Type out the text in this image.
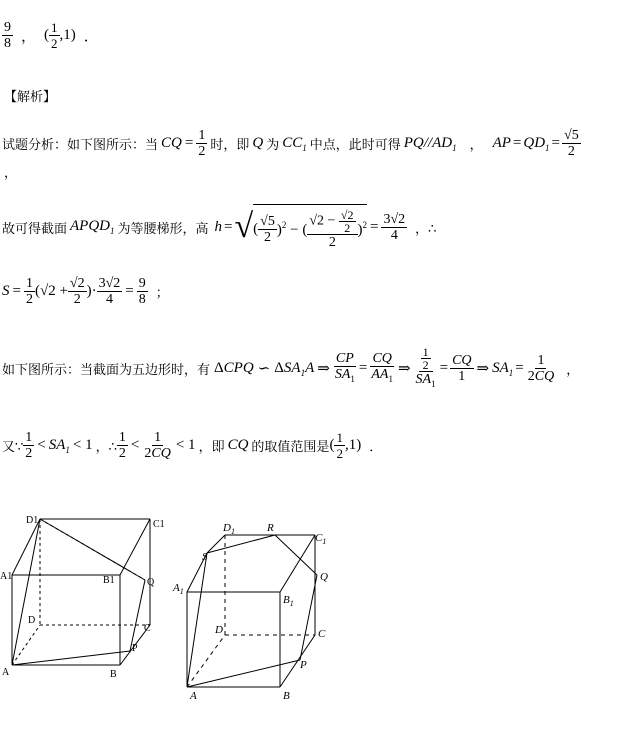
$\frac{9}{8}$ ， ( $\frac{1}{2} ,1$) ．
【解析】
试题分析：如下图所示：当 CQ = $\frac{1}{2}$ 时，即 Q 为 $CC_1$ 中点，此时可得 $PQ//AD_1$ ， AP = $QD_1 = \frac{√5}{2}$
，
故可得截面 $APQD_1$ 为等腰梯形，高 h = √ ( $\frac{√5}{2} )^2$ − ( $\frac{√2 - \frac{√2}{2}}{2} )^2 = \frac{3√2}{4}$ ，∴
$S = \frac{1}{2} (√2 + \frac{√2}{2}$ )· $\frac{3√2}{4} = \frac{9}{8}$ ；
如下图所示：当截面为五边形时，有 Δ CPQ ∽ Δ $SA_1A$ ⇒ $\frac{CP}{SA_1} = \frac{CQ}{AA_1}$ ⇒ $\frac{\frac{1}{2}}{SA_1} = \frac{CQ}{1}$ ⇒ $SA_1 = \frac{1}{2CQ}$ ，
又∵ $\frac{1}{2} < SA_1 < 1$ ，∴ $\frac{1}{2} < \frac{1}{2CQ} < 1$ ，即 CQ 的取值范围是 ( $\frac{1}{2} ,1$) ．
D1	C1
A1	B1	Q
D
C
P
A	B
$D_1$	R
$C_1$
S
Q
$A_1$
$B_1$
D	C
P
A	B
